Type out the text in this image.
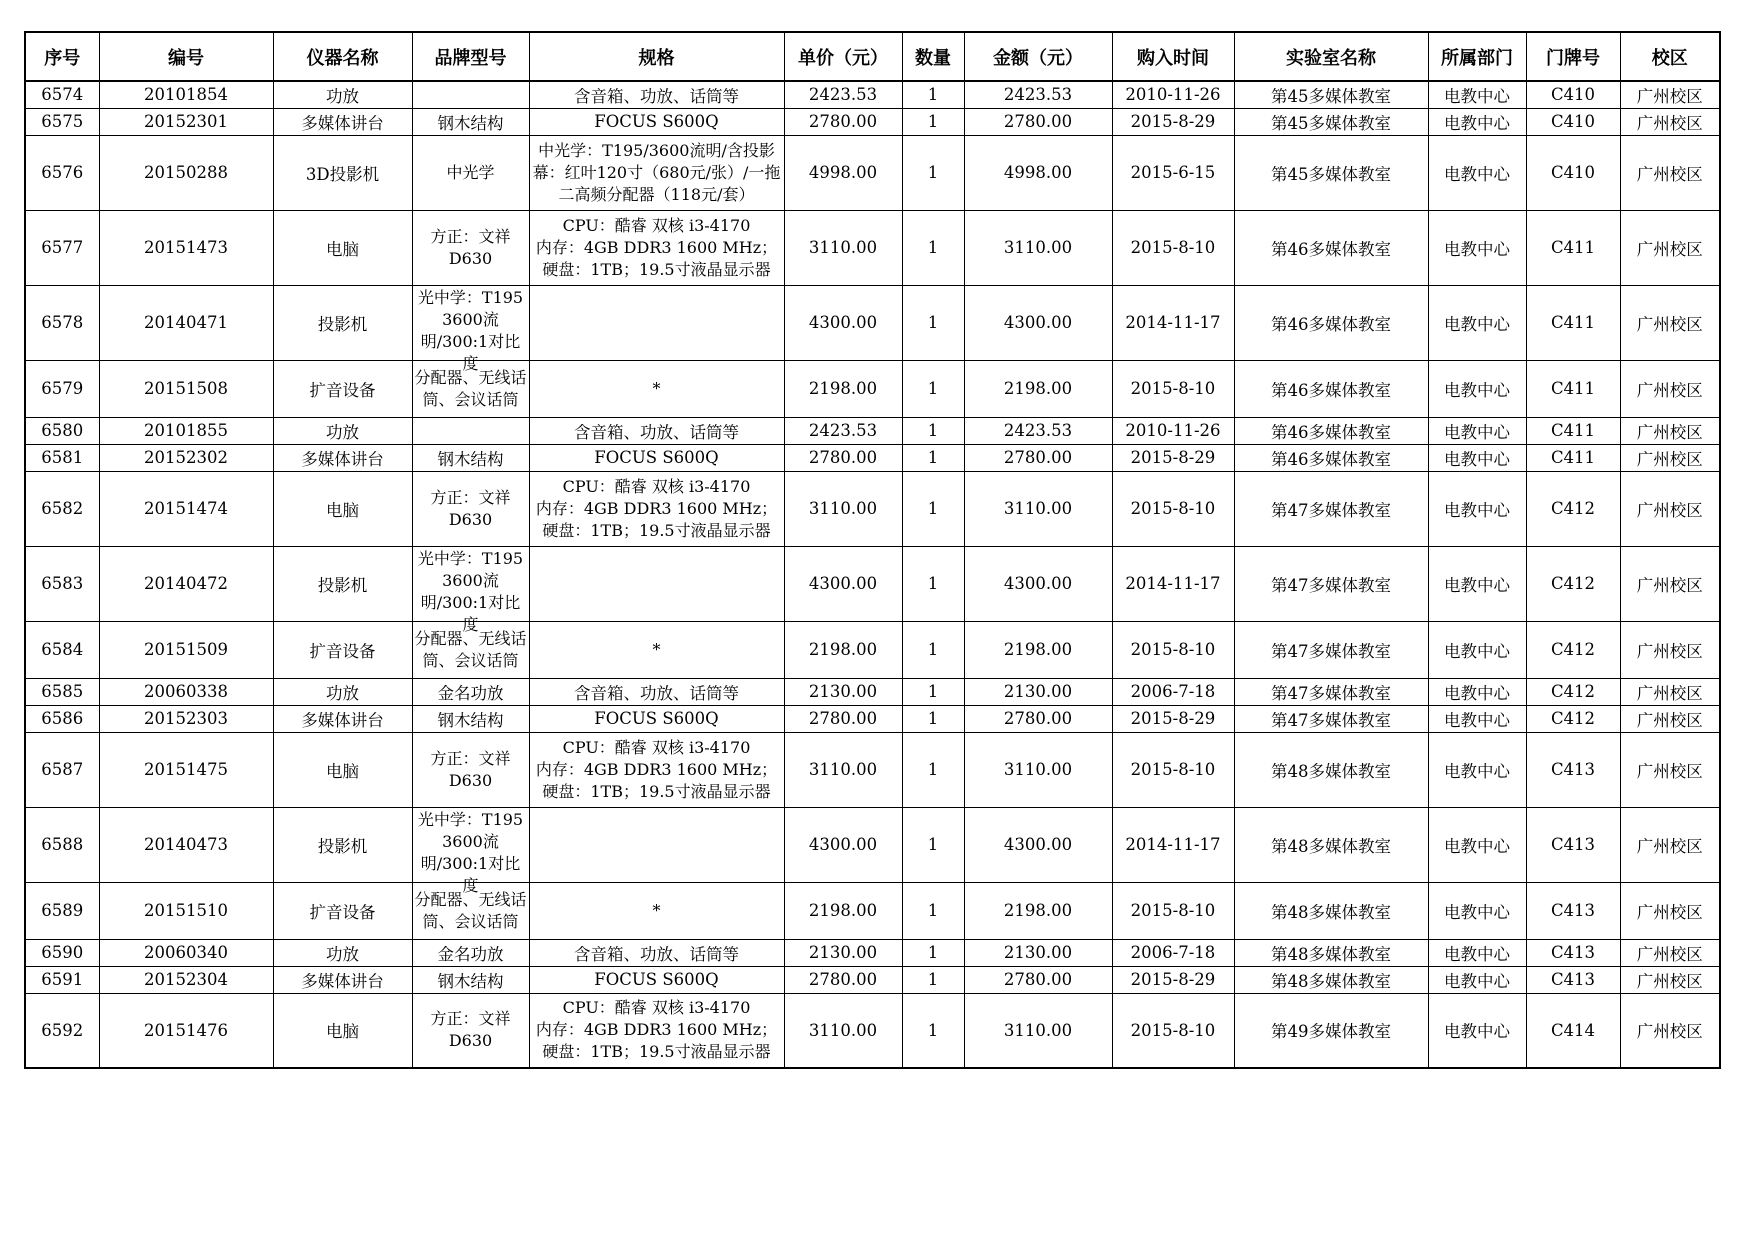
序号	编号	仪器名称	品牌型号	规格	单价（元）	数量	金额（元）	购入时间	实验室名称	所属部门	门牌号	校区
6574	20101854	功放		含音箱、功放、话筒等	2423.53	1	2423.53	2010-11-26	第45多媒体教室	电教中心	C410	广州校区
6575	20152301	多媒体讲台	钢木结构	FOCUS S600Q	2780.00	1	2780.00	2015-8-29	第45多媒体教室	电教中心	C410	广州校区
6576	20150288	3D投影机	中光学	中光学：T195/3600流明/含投影幕：红叶120寸（680元/张）/一拖二高频分配器（118元/套）	4998.00	1	4998.00	2015-6-15	第45多媒体教室	电教中心	C410	广州校区
6577	20151473	电脑	方正：文祥D630	CPU：酷睿 双核 i3-4170
内存：4GB DDR3 1600 MHz；
硬盘：1TB；19.5寸液晶显示器	3110.00	1	3110.00	2015-8-10	第46多媒体教室	电教中心	C411	广州校区
6578	20140471	投影机	光中学：T195 3600流明/300:1对比度		4300.00	1	4300.00	2014-11-17	第46多媒体教室	电教中心	C411	广州校区
6579	20151508	扩音设备	分配器、无线话筒、会议话筒	*	2198.00	1	2198.00	2015-8-10	第46多媒体教室	电教中心	C411	广州校区
6580	20101855	功放		含音箱、功放、话筒等	2423.53	1	2423.53	2010-11-26	第46多媒体教室	电教中心	C411	广州校区
6581	20152302	多媒体讲台	钢木结构	FOCUS S600Q	2780.00	1	2780.00	2015-8-29	第46多媒体教室	电教中心	C411	广州校区
6582	20151474	电脑	方正：文祥D630	CPU：酷睿 双核 i3-4170
内存：4GB DDR3 1600 MHz；
硬盘：1TB；19.5寸液晶显示器	3110.00	1	3110.00	2015-8-10	第47多媒体教室	电教中心	C412	广州校区
6583	20140472	投影机	光中学：T195 3600流明/300:1对比度		4300.00	1	4300.00	2014-11-17	第47多媒体教室	电教中心	C412	广州校区
6584	20151509	扩音设备	分配器、无线话筒、会议话筒	*	2198.00	1	2198.00	2015-8-10	第47多媒体教室	电教中心	C412	广州校区
6585	20060338	功放	金名功放	含音箱、功放、话筒等	2130.00	1	2130.00	2006-7-18	第47多媒体教室	电教中心	C412	广州校区
6586	20152303	多媒体讲台	钢木结构	FOCUS S600Q	2780.00	1	2780.00	2015-8-29	第47多媒体教室	电教中心	C412	广州校区
6587	20151475	电脑	方正：文祥D630	CPU：酷睿 双核 i3-4170
内存：4GB DDR3 1600 MHz；
硬盘：1TB；19.5寸液晶显示器	3110.00	1	3110.00	2015-8-10	第48多媒体教室	电教中心	C413	广州校区
6588	20140473	投影机	光中学：T195 3600流明/300:1对比度		4300.00	1	4300.00	2014-11-17	第48多媒体教室	电教中心	C413	广州校区
6589	20151510	扩音设备	分配器、无线话筒、会议话筒	*	2198.00	1	2198.00	2015-8-10	第48多媒体教室	电教中心	C413	广州校区
6590	20060340	功放	金名功放	含音箱、功放、话筒等	2130.00	1	2130.00	2006-7-18	第48多媒体教室	电教中心	C413	广州校区
6591	20152304	多媒体讲台	钢木结构	FOCUS S600Q	2780.00	1	2780.00	2015-8-29	第48多媒体教室	电教中心	C413	广州校区
6592	20151476	电脑	方正：文祥D630	CPU：酷睿 双核 i3-4170
内存：4GB DDR3 1600 MHz；
硬盘：1TB；19.5寸液晶显示器	3110.00	1	3110.00	2015-8-10	第49多媒体教室	电教中心	C414	广州校区
